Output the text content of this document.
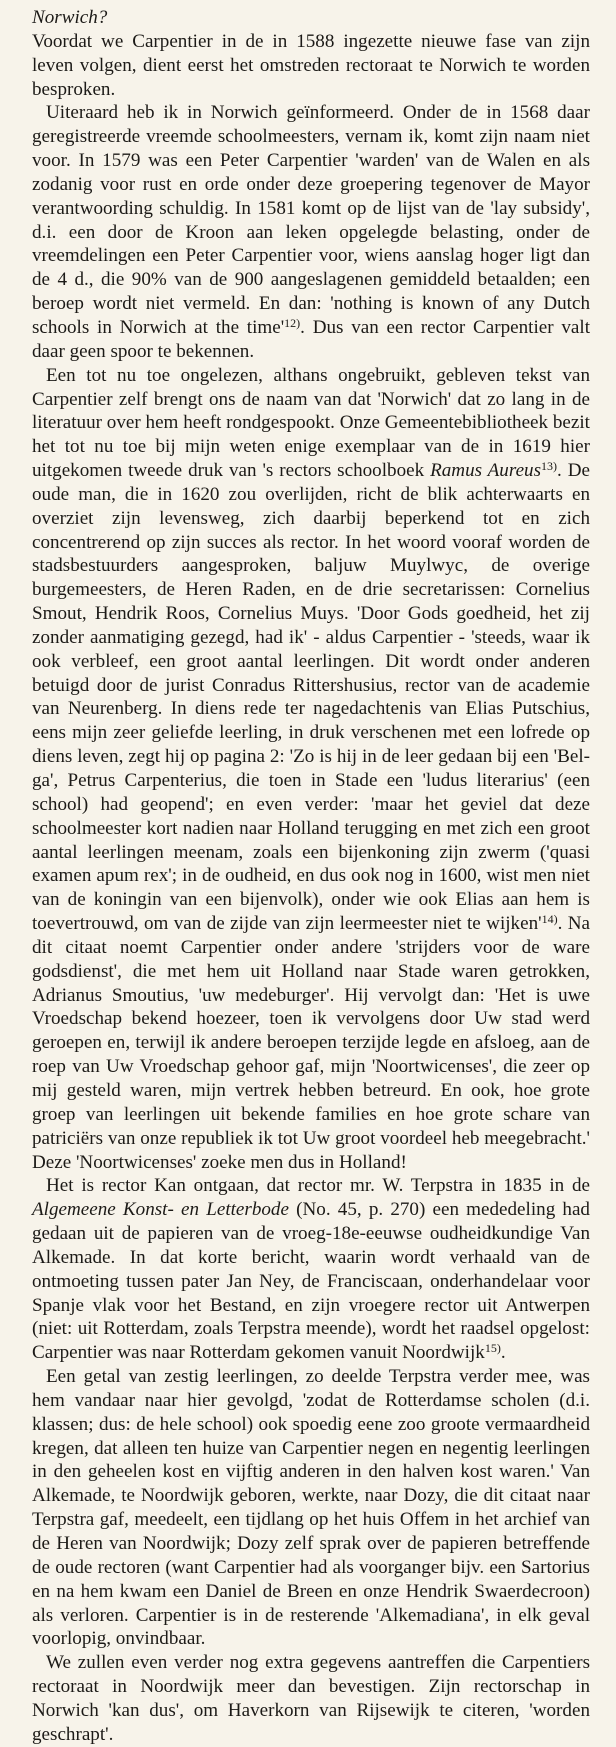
Norwich?

Voordat we Carpentier in de in 1588 ingezette nieuwe fase van zijn leven volgen, dient eerst het omstreden rectoraat te Norwich te worden besproken.

Uiteraard heb ik in Norwich geïnformeerd. Onder de in 1568 daar geregistreerde vreemde schoolmeesters, vernam ik, komt zijn naam niet voor. In 1579 was een Peter Carpentier 'warden' van de Walen en als zodanig voor rust en orde onder deze groepering tegenover de Mayor verantwoording schuldig. In 1581 komt op de lijst van de 'lay subsidy', d.i. een door de Kroon aan leken opgelegde belasting, onder de vreemdelingen een Peter Carpentier voor, wiens aanslag hoger ligt dan de 4 d., die 90% van de 900 aangeslagenen gemiddeld betaalden; een beroep wordt niet vermeld. En dan: 'nothing is known of any Dutch schools in Norwich at the $time'^{12)}$. Dus van een rector Carpentier valt daar geen spoor te bekennen.

Een tot nu toe ongelezen, althans ongebruikt, gebleven tekst van Carpentier zelf brengt ons de naam van dat 'Norwich' dat zo lang in de literatuur over hem heeft rondgespookt. Onze Gemeentebibliotheek bezit het tot nu toe bij mijn weten enige exemplaar van de in 1619 hier uitgekomen tweede druk van 's rectors schoolboek Ramus Aureus$^{13)}$. De oude man, die in 1620 zou overlijden, richt de blik achterwaarts en overziet zijn levensweg, zich daarbij beperkend tot en zich concentrerend op zijn succes als rector. In het woord vooraf worden de stadsbestuurders aangesproken, baljuw Muylwyc, de overige burgemeesters, de Heren Raden, en de drie secretarissen: Cornelius Smout, Hendrik Roos, Cornelius Muys. 'Door Gods goedheid, het zij zonder aanmatiging gezegd, had ik' - aldus Carpentier - 'steeds, waar ik ook verbleef, een groot aantal leerlingen. Dit wordt onder anderen betuigd door de jurist Conradus Rittershusius, rector van de academie van Neurenberg. In diens rede ter nagedachtenis van Elias Putschius, eens mijn zeer geliefde leerling, in druk verschenen met een lofrede op diens leven, zegt hij op pagina 2: 'Zo is hij in de leer gedaan bij een 'Belga', Petrus Carpenterius, die toen in Stade een 'ludus literarius' (een school) had geopend'; en even verder: 'maar het geviel dat deze schoolmeester kort nadien naar Holland terugging en met zich een groot aantal leerlingen meenam, zoals een bijenkoning zijn zwerm ('quasi examen apum rex'; in de oudheid, en dus ook nog in 1600, wist men niet van de koningin van een bijenvolk), onder wie ook Elias aan hem is toevertrouwd, om van de zijde van zijn leermeester niet te $wijken'^{14)}$. Na dit citaat noemt Carpentier onder andere 'strijders voor de ware godsdienst', die met hem uit Holland naar Stade waren getrokken, Adrianus Smoutius, 'uw medeburger'. Hij vervolgt dan: 'Het is uwe Vroedschap bekend hoezeer, toen ik vervolgens door Uw stad werd geroepen en, terwijl ik andere beroepen terzijde legde en afsloeg, aan de roep van Uw Vroedschap gehoor gaf, mijn 'Noortwicenses', die zeer op mij gesteld waren, mijn vertrek hebben betreurd. En ook, hoe grote groep van leerlingen uit bekende families en hoe grote schare van patriciërs van onze republiek ik tot Uw groot voordeel heb meegebracht.' Deze 'Noortwicenses' zoeke men dus in Holland!

Het is rector Kan ontgaan, dat rector mr. W. Terpstra in 1835 in de Algemeene Konst- en Letterbode (No. 45, p. 270) een mededeling had gedaan uit de papieren van de vroeg-18e-eeuwse oudheidkundige Van Alkemade. In dat korte bericht, waarin wordt verhaald van de ontmoeting tussen pater Jan Ney, de Franciscaan, onderhandelaar voor Spanje vlak voor het Bestand, en zijn vroegere rector uit Antwerpen (niet: uit Rotterdam, zoals Terpstra meende), wordt het raadsel opgelost: Carpentier was naar Rotterdam gekomen vanuit Noordwijk$^{15)}$.

Een getal van zestig leerlingen, zo deelde Terpstra verder mee, was hem vandaar naar hier gevolgd, 'zodat de Rotterdamse scholen (d.i. klassen; dus: de hele school) ook spoedig eene zoo groote vermaardheid kregen, dat alleen ten huize van Carpentier negen en negentig leerlingen in den geheelen kost en vijftig anderen in den halven kost waren.' Van Alkemade, te Noordwijk geboren, werkte, naar Dozy, die dit citaat naar Terpstra gaf, meedeelt, een tijdlang op het huis Offem in het archief van de Heren van Noordwijk; Dozy zelf sprak over de papieren betreffende de oude rectoren (want Carpentier had als voorganger bijv. een Sartorius en na hem kwam een Daniel de Breen en onze Hendrik Swaerdecroon) als verloren. Carpentier is in de resterende 'Alkemadiana', in elk geval voorlopig, onvindbaar.

We zullen even verder nog extra gegevens aantreffen die Carpentiers rectoraat in Noordwijk meer dan bevestigen. Zijn rectorschap in Norwich 'kan dus', om Haverkorn van Rijsewijk te citeren, 'worden geschrapt'.
